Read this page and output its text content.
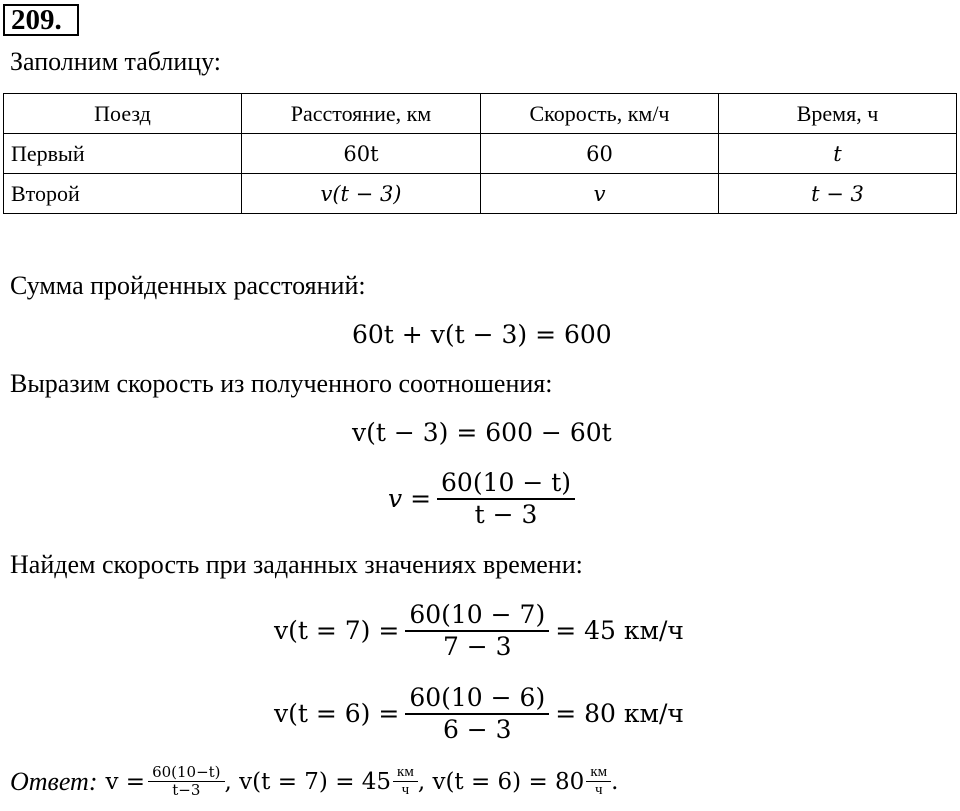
209.
Заполним таблицу:
Поезд	Расстояние, км	Скорость, км/ч	Время, ч
Первый	60t	60	t
Второй	v(t − 3)	v	t − 3
Сумма пройденных расстояний:
60t + v(t − 3) = 600
Выразим скорость из полученного соотношения:
v(t − 3) = 600 − 60t
$v = \frac{60(10 - t)}{t - 3}$
Найдем скорость при заданных значениях времени:
$v(t = 7) = \frac{60(10 - 7)}{7 - 3} = 45$ км/ч
$v(t = 6) = \frac{60(10 - 6)}{6 - 3} = 80$ км/ч
Ответ: $v = \frac{60(10-t)}{t-3}$ , $v(t = 7) = 45 \frac{км}{ч}$ , $v(t = 6) = 80 \frac{км}{ч}$ .
